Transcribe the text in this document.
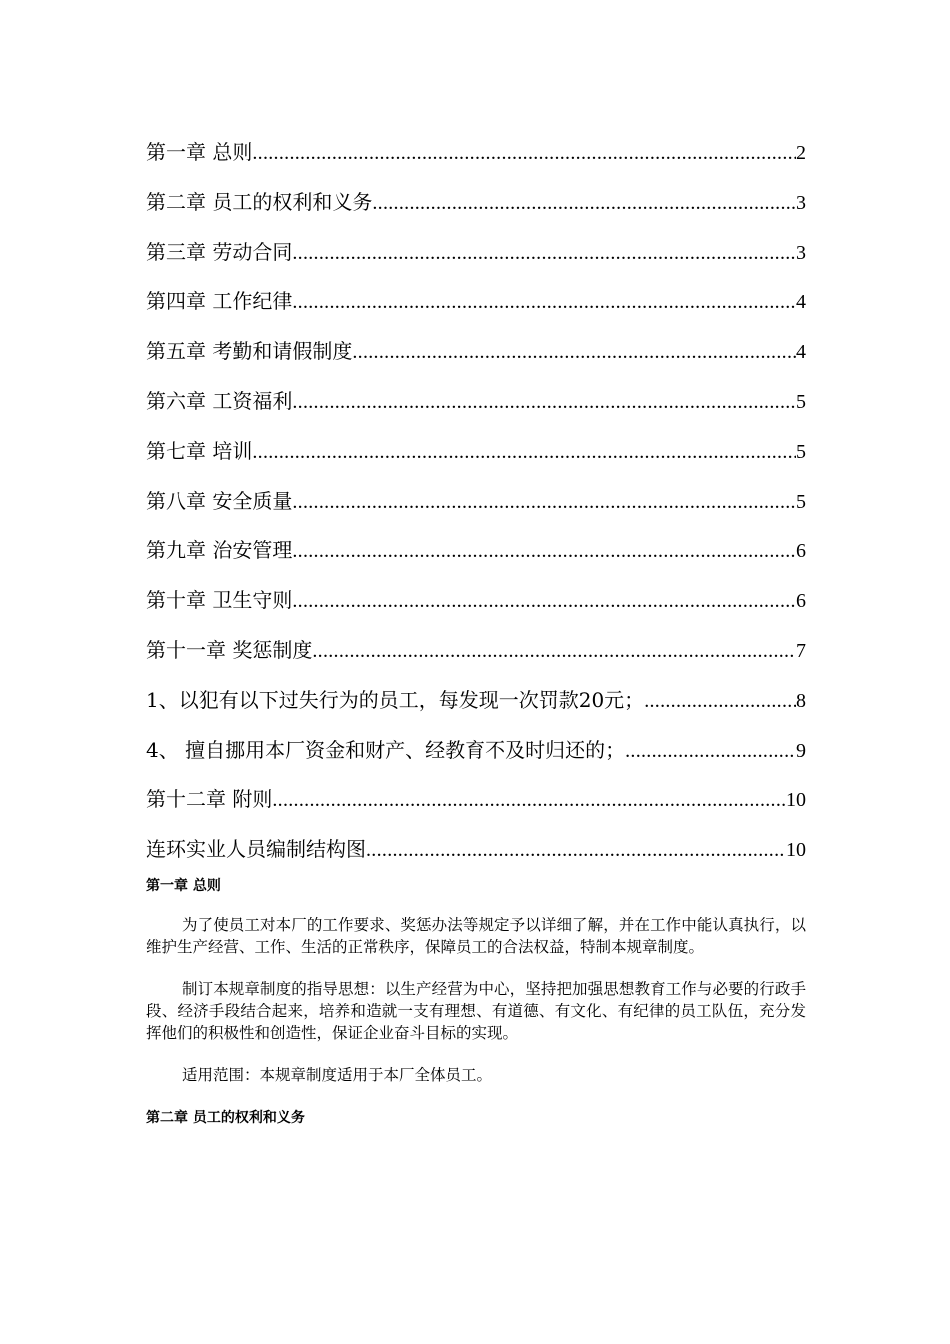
第一章 总则 .....	2
第二章 员工的权利和义务 .....	3
第三章 劳动合同 .....	3
第四章 工作纪律 .....	4
第五章 考勤和请假制度 .....	4
第六章 工资福利 .....	5
第七章 培训 .....	5
第八章 安全质量 .....	5
第九章 治安管理 .....	6
第十章 卫生守则 .....	6
第十一章 奖惩制度 .....	7
1、以犯有以下过失行为的员工，每发现一次罚款20元； .....	8
4、 擅自挪用本厂资金和财产、经教育不及时归还的； .....	9
第十二章 附则 .....	10
连环实业人员编制结构图 .....	10
第一章 总则

为了使员工对本厂的工作要求、奖惩办法等规定予以详细了解，并在工作中能认真执行，以维护生产经营、工作、生活的正常秩序，保障员工的合法权益，特制本规章制度。

制订本规章制度的指导思想：以生产经营为中心，坚持把加强思想教育工作与必要的行政手段、经济手段结合起来，培养和造就一支有理想、有道德、有文化、有纪律的员工队伍，充分发挥他们的积极性和创造性，保证企业奋斗目标的实现。

适用范围：本规章制度适用于本厂全体员工。

第二章 员工的权利和义务
